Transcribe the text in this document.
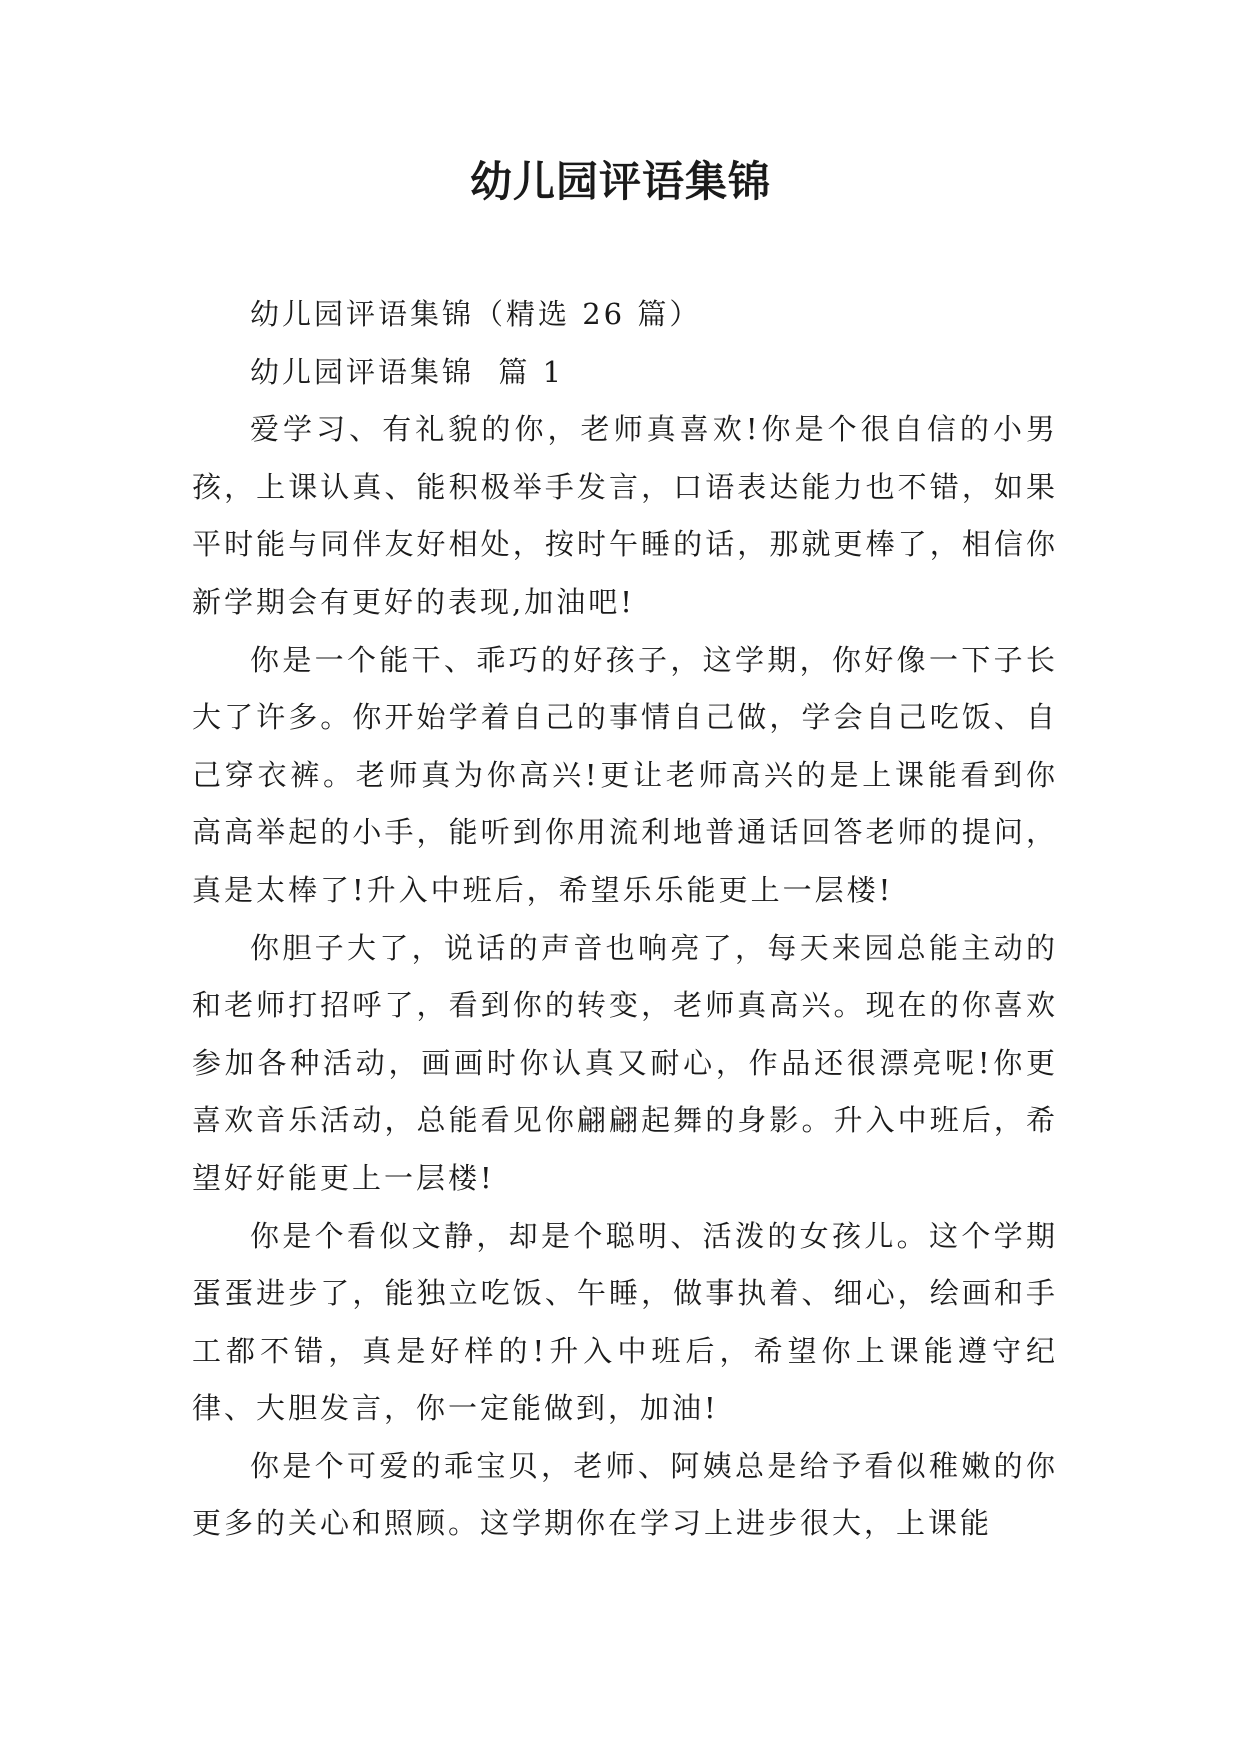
幼儿园评语集锦

幼儿园评语集锦（精选 26 篇）

幼儿园评语集锦  篇 1

爱学习、有礼貌的你，老师真喜欢!你是个很自信的小男孩，上课认真、能积极举手发言，口语表达能力也不错，如果平时能与同伴友好相处，按时午睡的话，那就更棒了，相信你新学期会有更好的表现,加油吧!

你是一个能干、乖巧的好孩子，这学期，你好像一下子长大了许多。你开始学着自己的事情自己做，学会自己吃饭、自己穿衣裤。老师真为你高兴!更让老师高兴的是上课能看到你高高举起的小手，能听到你用流利地普通话回答老师的提问，真是太棒了!升入中班后，希望乐乐能更上一层楼!

你胆子大了，说话的声音也响亮了，每天来园总能主动的和老师打招呼了，看到你的转变，老师真高兴。现在的你喜欢参加各种活动，画画时你认真又耐心，作品还很漂亮呢!你更喜欢音乐活动，总能看见你翩翩起舞的身影。升入中班后，希望好好能更上一层楼!

你是个看似文静，却是个聪明、活泼的女孩儿。这个学期蛋蛋进步了，能独立吃饭、午睡，做事执着、细心，绘画和手工都不错，真是好样的!升入中班后，希望你上课能遵守纪律、大胆发言，你一定能做到，加油!

你是个可爱的乖宝贝，老师、阿姨总是给予看似稚嫩的你更多的关心和照顾。这学期你在学习上进步很大，上课能
